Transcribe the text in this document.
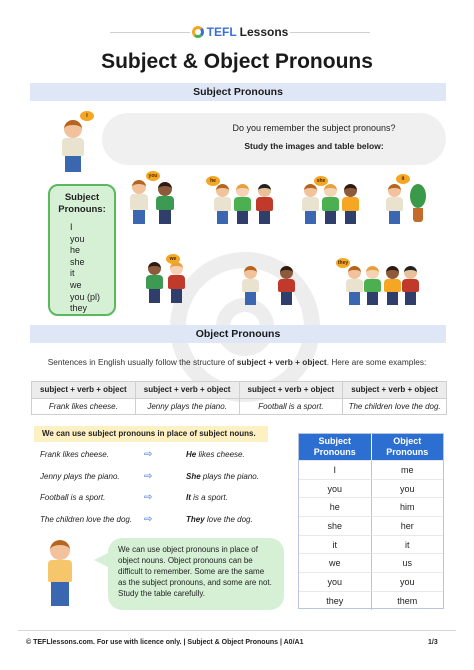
TEFL Lessons
Subject & Object Pronouns
Subject Pronouns
Do you remember the subject pronouns?
Study the images and table below:
I
Subject
Pronouns:
I
you
he
she
it
we
you (pl)
they
you
he	she	it
we
they
Object Pronouns
Sentences in English usually follow the structure of subject + verb + object. Here are some examples:
subject + verb + object	subject + verb + object	subject + verb + object	subject + verb + object
Frank likes cheese.	Jenny plays the piano.	Football is a sport.	The children love the dog.
We can use subject pronouns in place of subject nouns.
Frank likes cheese.	⇨	He likes cheese.
Jenny plays the piano. ⇨	She plays the piano.
Football is a sport.	⇨	It is a sport.
The children love the dog. ⇨	They love the dog.
We can use object pronouns in place of object nouns. Object pronouns can be difficult to remember. Some are the same as the subject pronouns, and some are not. Study the table carefully.
Subject Pronouns
Object Pronouns
I	me
you	you
he	him
she	her
it	it
we	us
you	you
they	them
© TEFLlessons.com. For use with licence only. | Subject & Object Pronouns | A0/A1	1/3
